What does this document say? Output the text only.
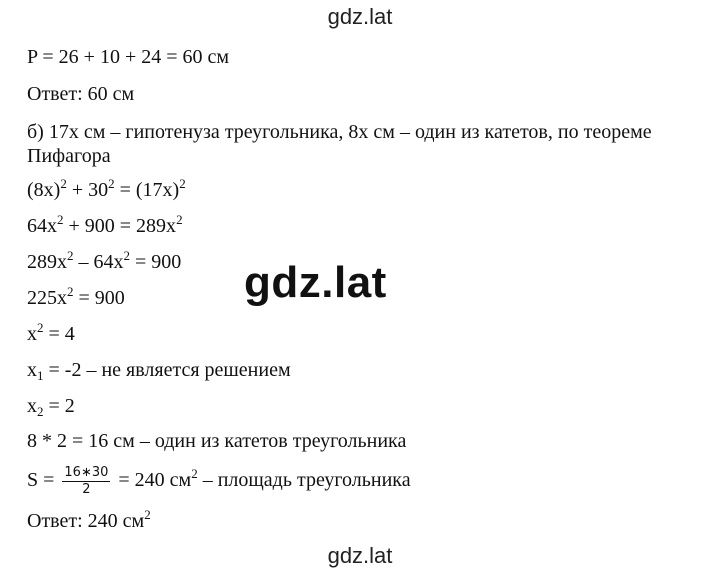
gdz.lat
P = 26 + 10 + 24 = 60 см
Ответ: 60 см
б) 17х см – гипотенуза треугольника, 8х см – один из катетов, по теореме Пифагора
$(8x)^2 + 30^2 = (17x)^2$
$64x^2 + 900 = 289x^2$
$289x^2 - 64x^2 = 900$
$225x^2 = 900$
$x^2 = 4$
$x_1 = -2$ – не является решением
$x_2 = 2$
8 * 2 = 16 см – один из катетов треугольника
$S = \frac{16∗30}{2} = 240$ $см^2$ – площадь треугольника
Ответ: 240 $см^2$
gdz.lat
gdz.lat
